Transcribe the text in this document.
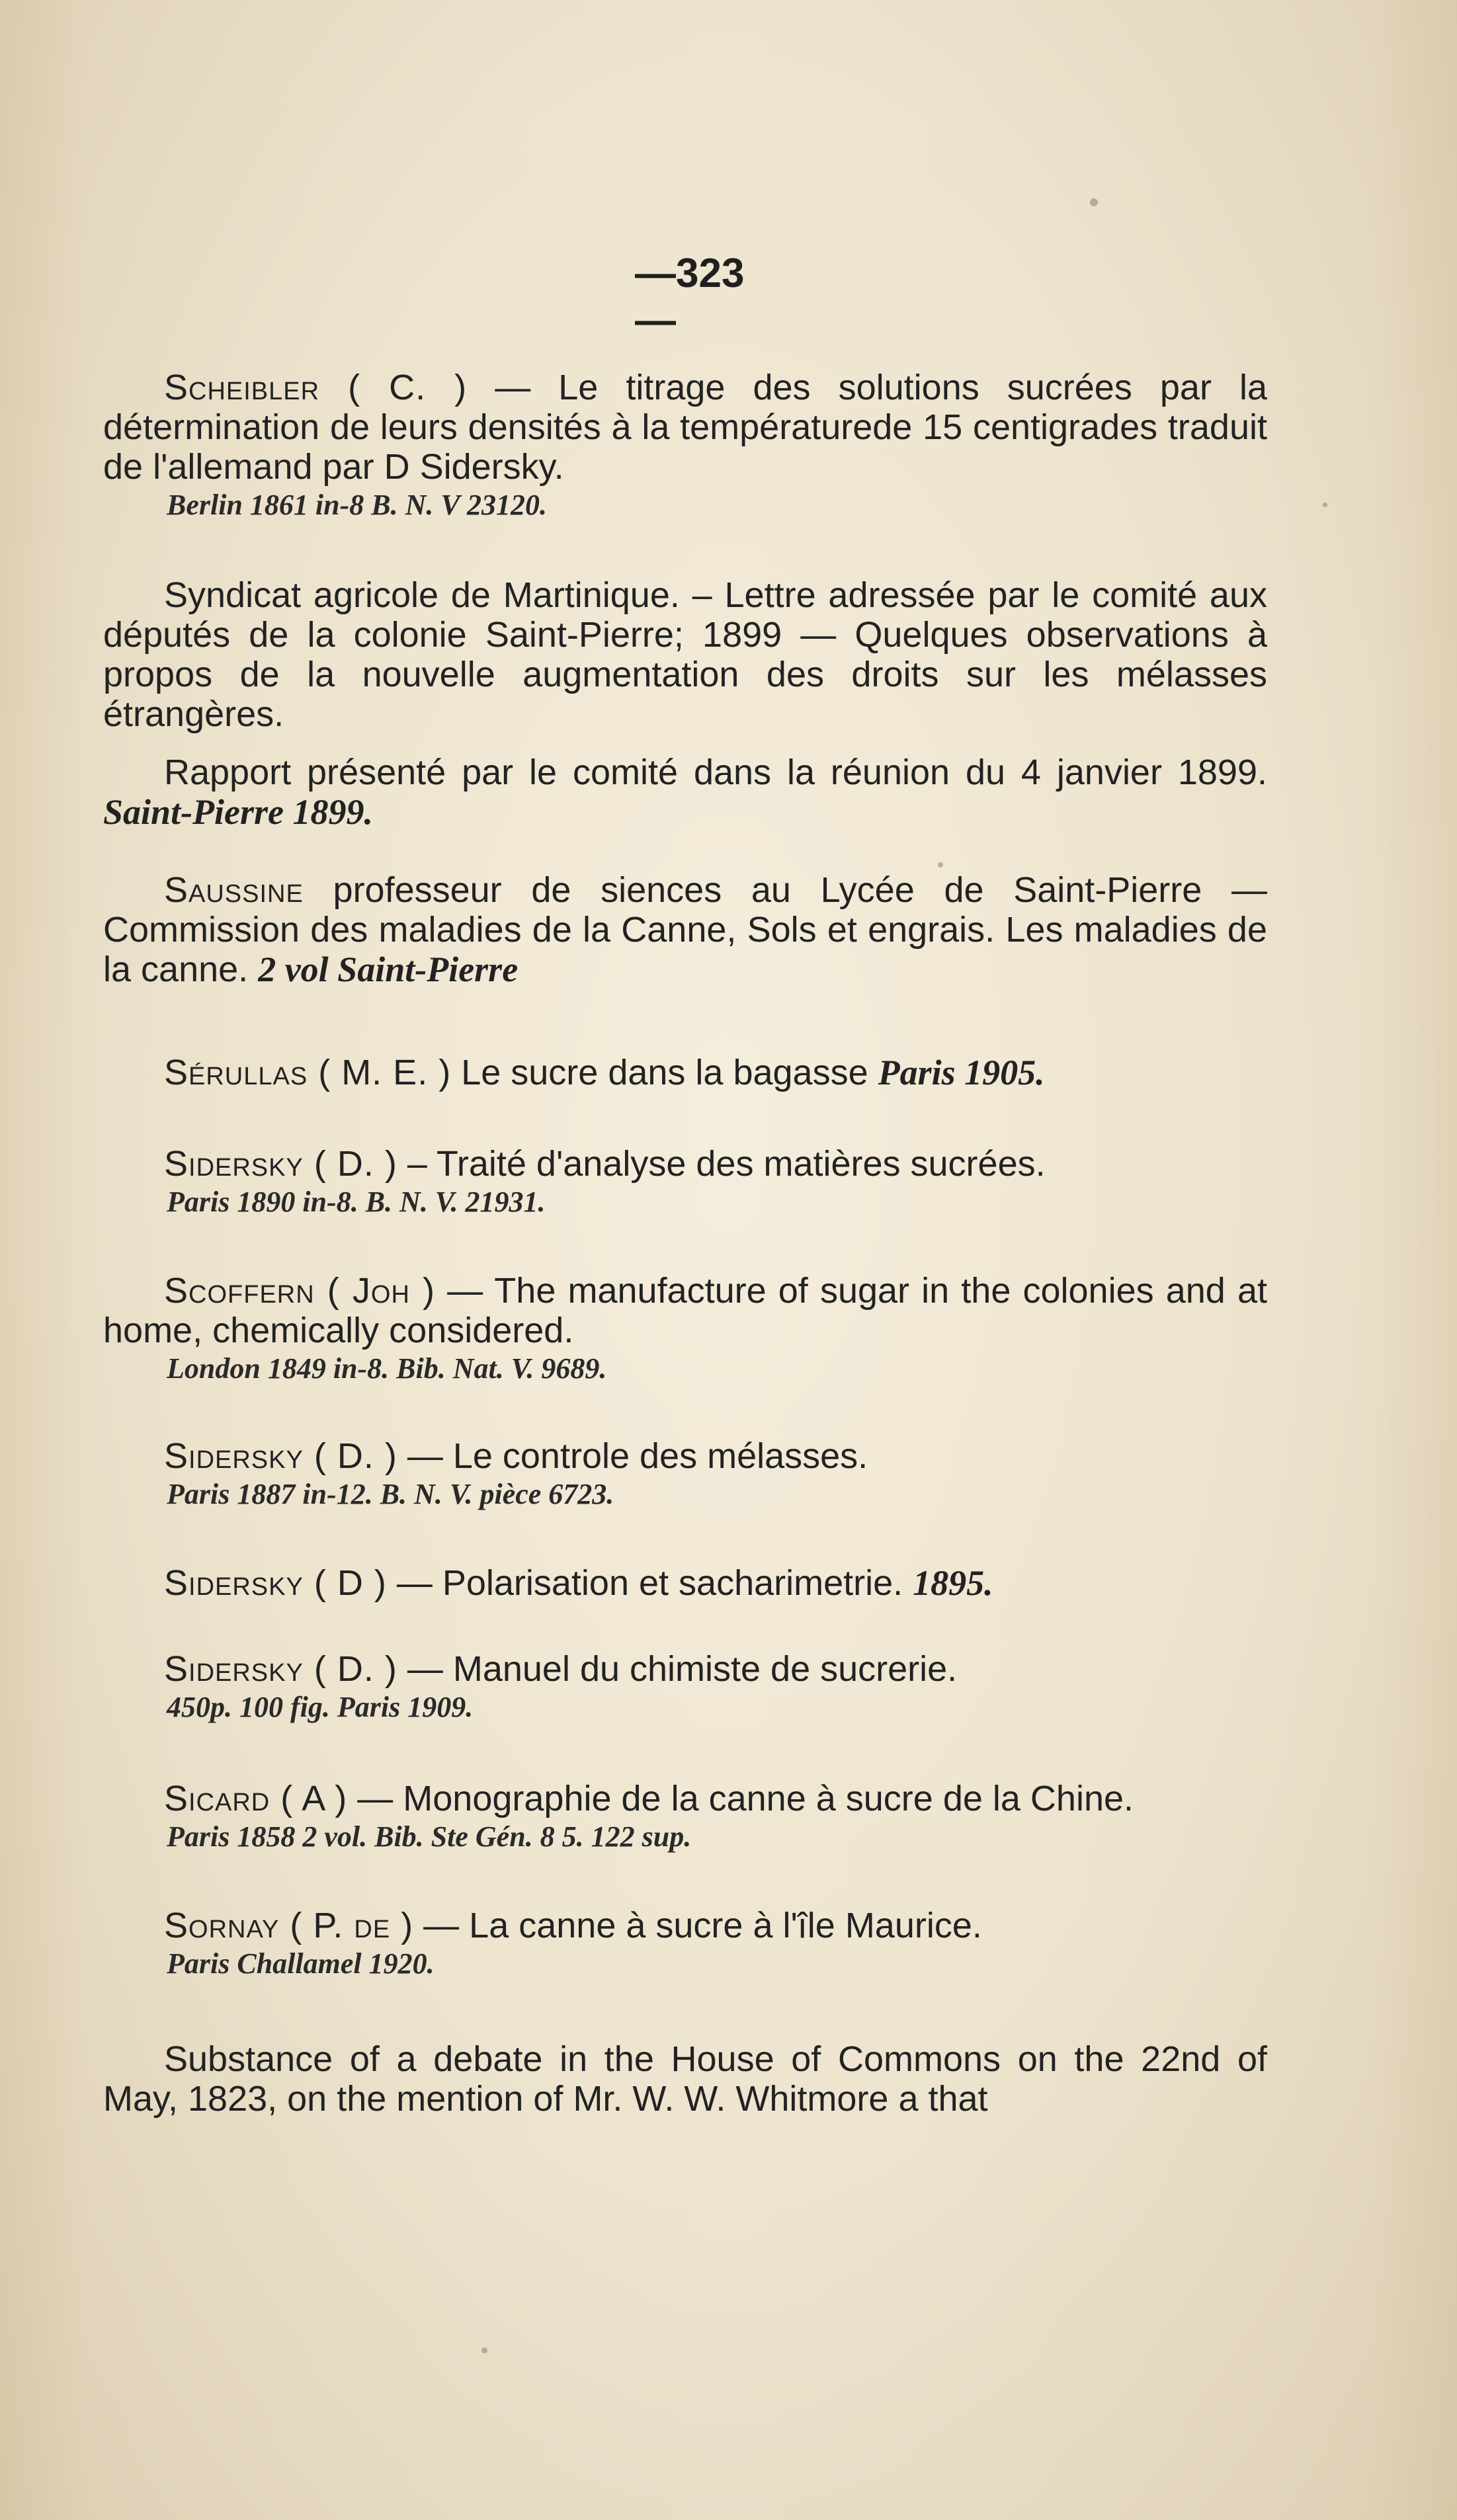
—323—

Scheibler ( C. ) — Le titrage des solutions sucrées par la détermination de leurs densités à la températurede 15 centigrades traduit de l'allemand par D Sidersky.

Berlin 1861 in-8 B. N. V 23120.

Syndicat agricole de Martinique. – Lettre adressée par le comité aux députés de la colonie Saint-Pierre; 1899 — Quelques observations à propos de la nouvelle augmentation des droits sur les mélasses étrangères.

Rapport présenté par le comité dans la réunion du 4 janvier 1899. Saint-Pierre 1899.

Saussine professeur de siences au Lycée de Saint-Pierre — Commission des maladies de la Canne, Sols et engrais. Les maladies de la canne. 2 vol Saint-Pierre

Sérullas ( M. E. ) Le sucre dans la bagasse Paris 1905.

Sidersky ( D. ) – Traité d'analyse des matières sucrées.

Paris 1890 in-8. B. N. V. 21931.

Scoffern ( Joh ) — The manufacture of sugar in the colonies and at home, chemically considered.

London 1849 in-8. Bib. Nat. V. 9689.

Sidersky ( D. ) — Le controle des mélasses.

Paris 1887 in-12. B. N. V. pièce 6723.

Sidersky ( D ) — Polarisation et sacharimetrie. 1895.

Sidersky ( D. ) — Manuel du chimiste de sucrerie.

450p. 100 fig. Paris 1909.

Sicard ( A ) — Monographie de la canne à sucre de la Chine.

Paris 1858 2 vol. Bib. Ste Gén. 8 5. 122 sup.

Sornay ( P. de ) — La canne à sucre à l'île Maurice.

Paris Challamel 1920.

Substance of a debate in the House of Commons on the 22nd of May, 1823, on the mention of Mr. W. W. Whitmore a that
